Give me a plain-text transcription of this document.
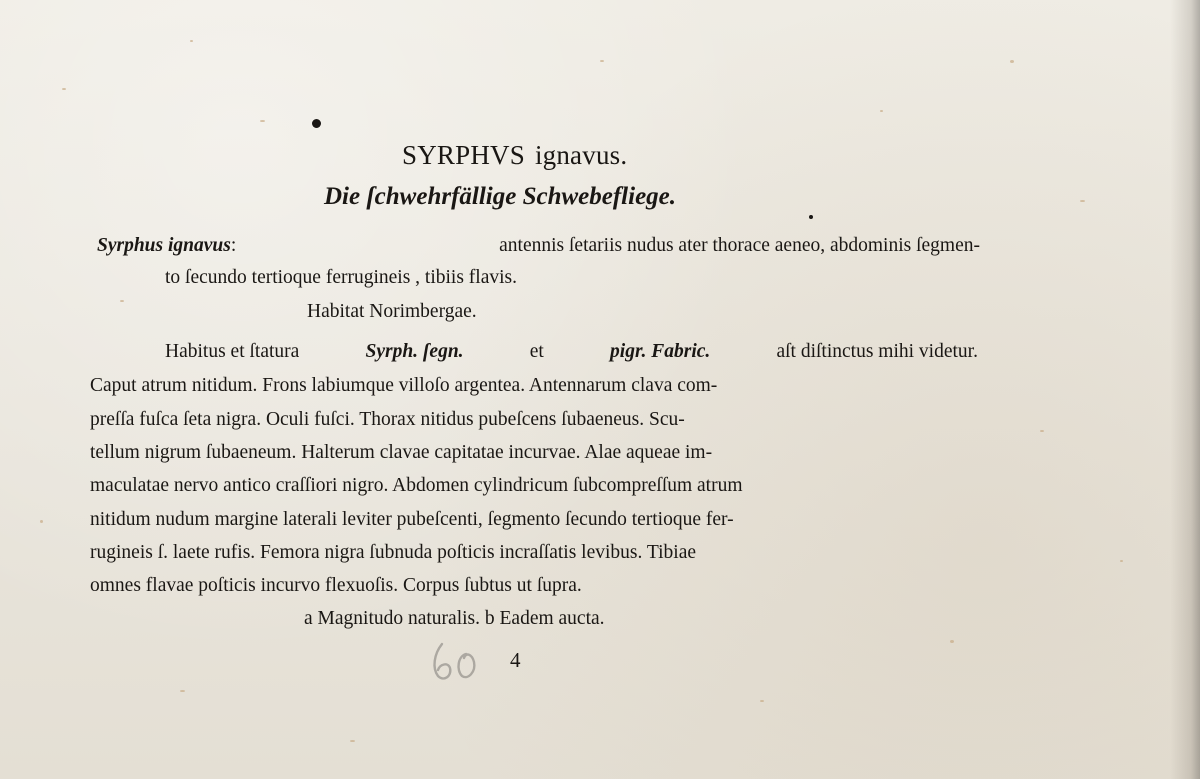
SYRPHVS ignavus.
Die ſchwehrfällige Schwebefliege.
Syrphus ignavus:	antennis ſetariis nudus ater thorace aeneo, abdominis ſegmen-
to ſecundo tertioque ferrugineis , tibiis flavis.
Habitat Norimbergae.
Habitus et ſtatura	Syrph. ſegn.	et	pigr. Fabric.	aſt diſtinctus mihi videtur.
Caput atrum nitidum. Frons labiumque villoſo argentea. Antennarum clava com-
preſſa fuſca ſeta nigra. Oculi fuſci. Thorax nitidus pubeſcens ſubaeneus. Scu-
tellum nigrum ſubaeneum. Halterum clavae capitatae incurvae. Alae aqueae im-
maculatae nervo antico craſſiori nigro. Abdomen cylindricum ſubcompreſſum atrum
nitidum nudum margine laterali leviter pubeſcenti, ſegmento ſecundo tertioque fer-
rugineis ſ. laete rufis. Femora nigra ſubnuda poſticis incraſſatis levibus. Tibiae
omnes flavae poſticis incurvo flexuoſis. Corpus ſubtus ut ſupra.
a Magnitudo naturalis. b Eadem aucta.
4
